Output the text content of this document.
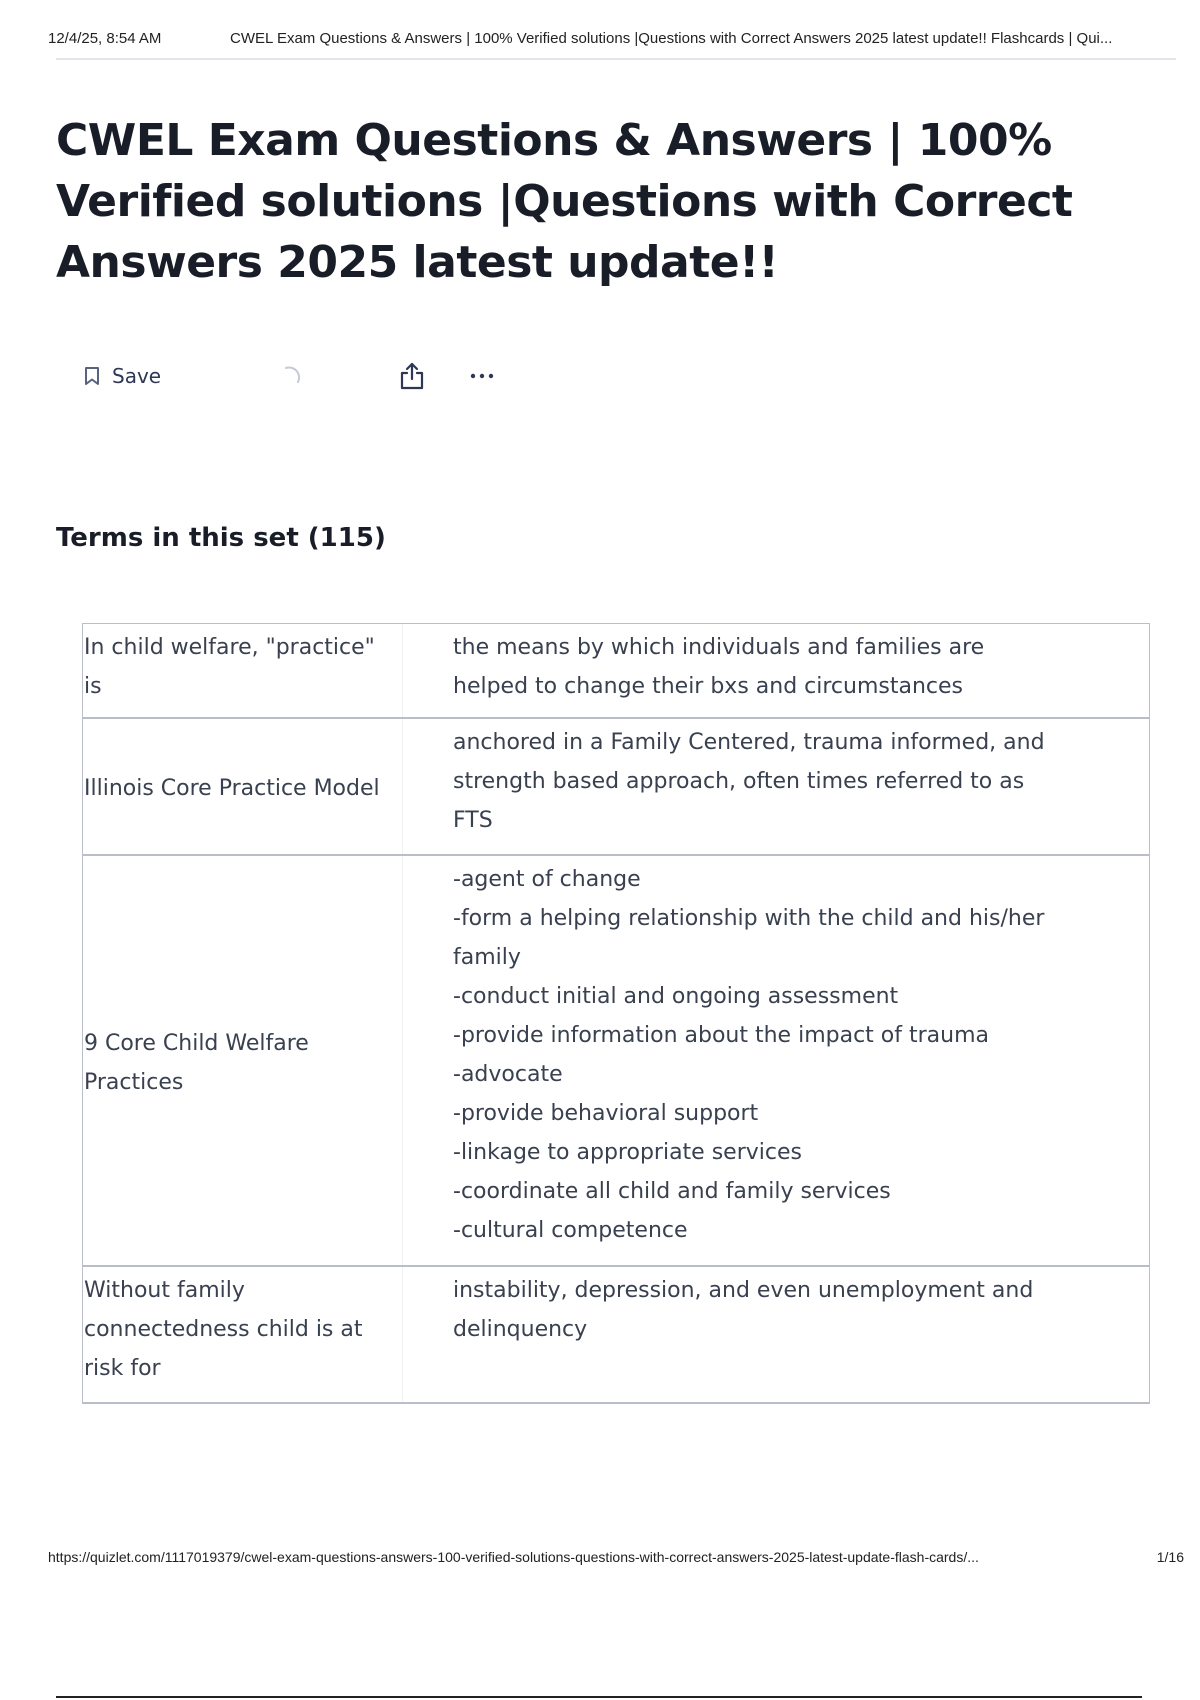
12/4/25, 8:54 AM	CWEL Exam Questions & Answers | 100% Verified solutions |Questions with Correct Answers 2025 latest update!! Flashcards | Qui...
CWEL Exam Questions & Answers | 100% Verified solutions |Questions with Correct Answers 2025 latest update!!
Save
Terms in this set (115)
In child welfare, "practice" is
the means by which individuals and families are
helped to change their bxs and circumstances
Illinois Core Practice Model
anchored in a Family Centered, trauma informed, and
strength based approach, often times referred to as
FTS
9 Core Child Welfare Practices
-agent of change
-form a helping relationship with the child and his/her
family
-conduct initial and ongoing assessment
-provide information about the impact of trauma
-advocate
-provide behavioral support
-linkage to appropriate services
-coordinate all child and family services
-cultural competence
Without family connectedness child is at risk for
instability, depression, and even unemployment and
delinquency
https://quizlet.com/1117019379/cwel-exam-questions-answers-100-verified-solutions-questions-with-correct-answers-2025-latest-update-flash-cards/...	1/16
